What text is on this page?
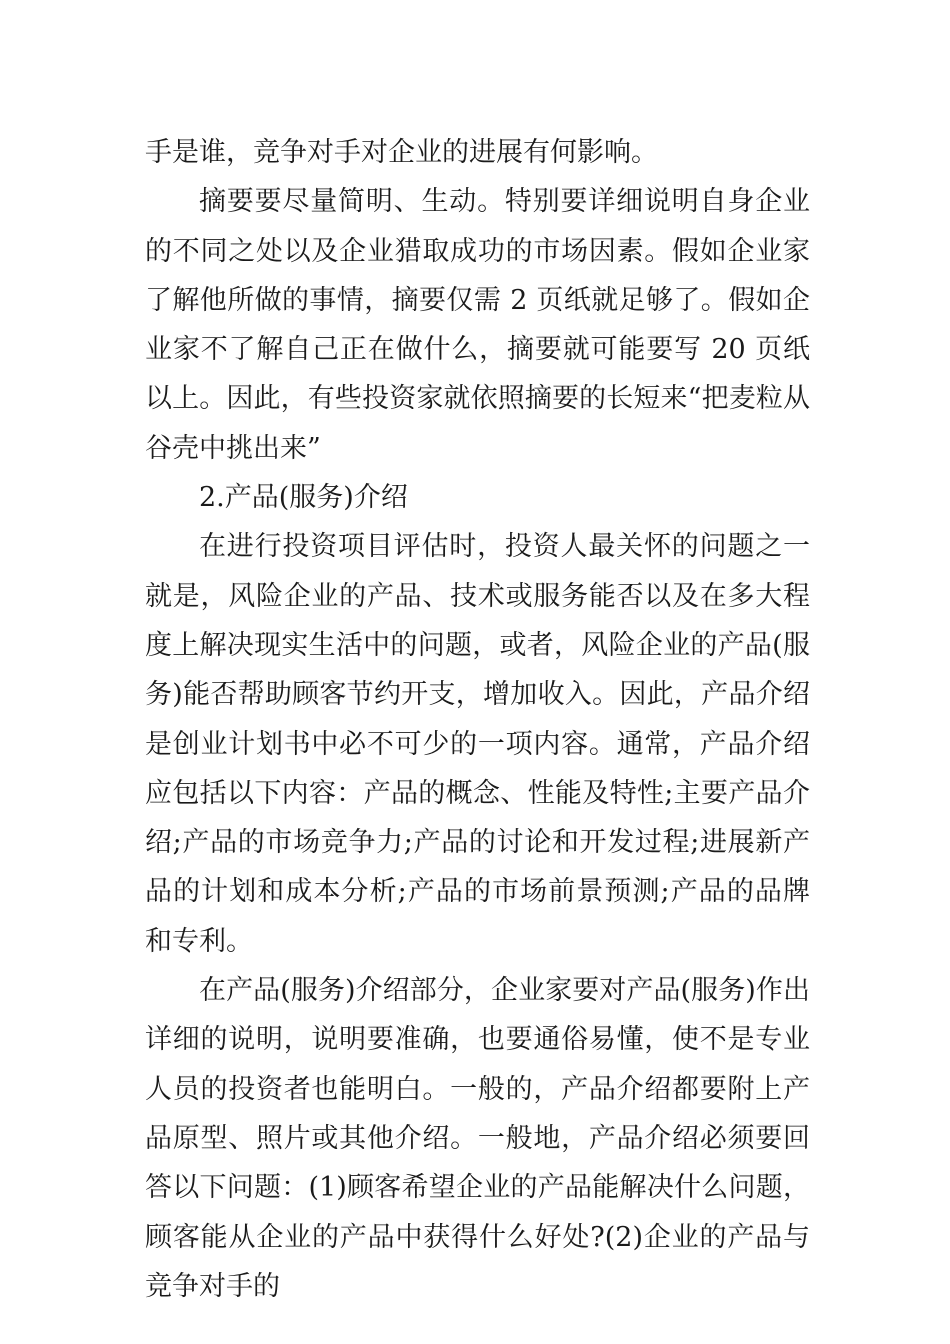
手是谁，竞争对手对企业的进展有何影响。

摘要要尽量简明、生动。特别要详细说明自身企业的不同之处以及企业猎取成功的市场因素。假如企业家了解他所做的事情，摘要仅需 2 页纸就足够了。假如企业家不了解自己正在做什么，摘要就可能要写 20 页纸以上。因此，有些投资家就依照摘要的长短来“把麦粒从谷壳中挑出来”

2.产品(服务)介绍

在进行投资项目评估时，投资人最关怀的问题之一就是，风险企业的产品、技术或服务能否以及在多大程度上解决现实生活中的问题，或者，风险企业的产品(服务)能否帮助顾客节约开支，增加收入。因此，产品介绍是创业计划书中必不可少的一项内容。通常，产品介绍应包括以下内容：产品的概念、性能及特性;主要产品介绍;产品的市场竞争力;产品的讨论和开发过程;进展新产品的计划和成本分析;产品的市场前景预测;产品的品牌和专利。

在产品(服务)介绍部分，企业家要对产品(服务)作出详细的说明，说明要准确，也要通俗易懂，使不是专业人员的投资者也能明白。一般的，产品介绍都要附上产品原型、照片或其他介绍。一般地，产品介绍必须要回答以下问题：(1)顾客希望企业的产品能解决什么问题，顾客能从企业的产品中获得什么好处?(2)企业的产品与竞争对手的
